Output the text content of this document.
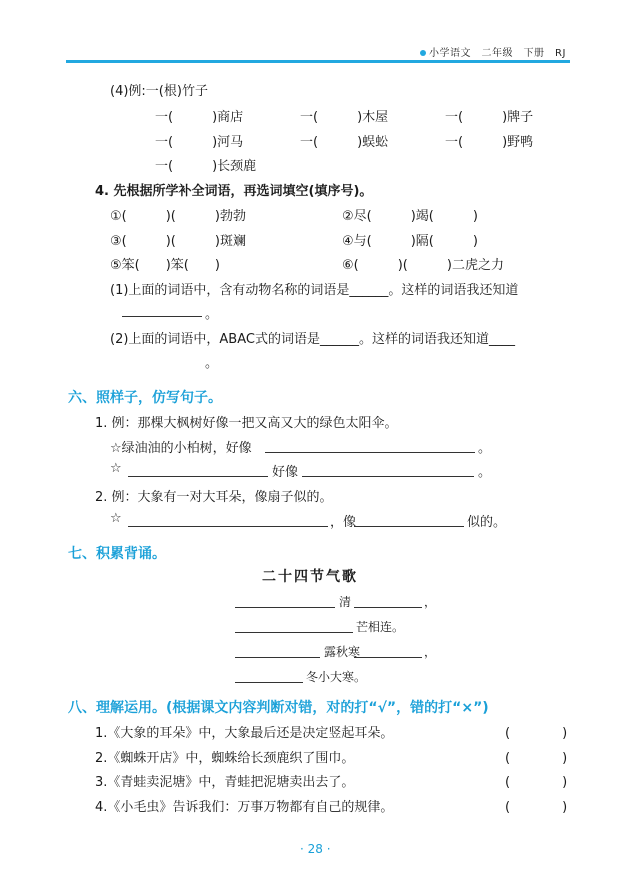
小学语文　二年级　下册　RJ
(4)例:一(根)竹子
一(　　　)商店	一(　　　)木屋	一(　　　)牌子
一(　　　)河马	一(　　　)蜈蚣	一(　　　)野鸭
一(　　　)长颈鹿
4. 先根据所学补全词语，再选词填空(填序号)。
①(　　　)(　　　)勃勃	②尽(　　　)竭(　　　)
③(　　　)(　　　)斑斓	④与(　　　)隔(　　　)
⑤笨(　　)笨(　　)	⑥(　　　)(　　　)二虎之力
(1)上面的词语中，含有动物名称的词语是______。这样的词语我还知道
。
(2)上面的词语中，ABAC式的词语是______。这样的词语我还知道____
。
六、照样子，仿写句子。
1. 例：那棵大枫树好像一把又高又大的绿色太阳伞。
☆绿油油的小柏树，好像	。
☆	好像	。
2. 例：大象有一对大耳朵，像扇子似的。
☆	，像	似的。
七、积累背诵。
二十四节气歌
清	，
芒相连。
露秋寒	，
冬小大寒。
八、理解运用。(根据课文内容判断对错，对的打“√”，错的打“×”)
1.《大象的耳朵》中，大象最后还是决定竖起耳朵。	(　　　　)
2.《蜘蛛开店》中，蜘蛛给长颈鹿织了围巾。	(　　　　)
3.《青蛙卖泥塘》中，青蛙把泥塘卖出去了。	(　　　　)
4.《小毛虫》告诉我们：万事万物都有自己的规律。	(　　　　)
· 28 ·
